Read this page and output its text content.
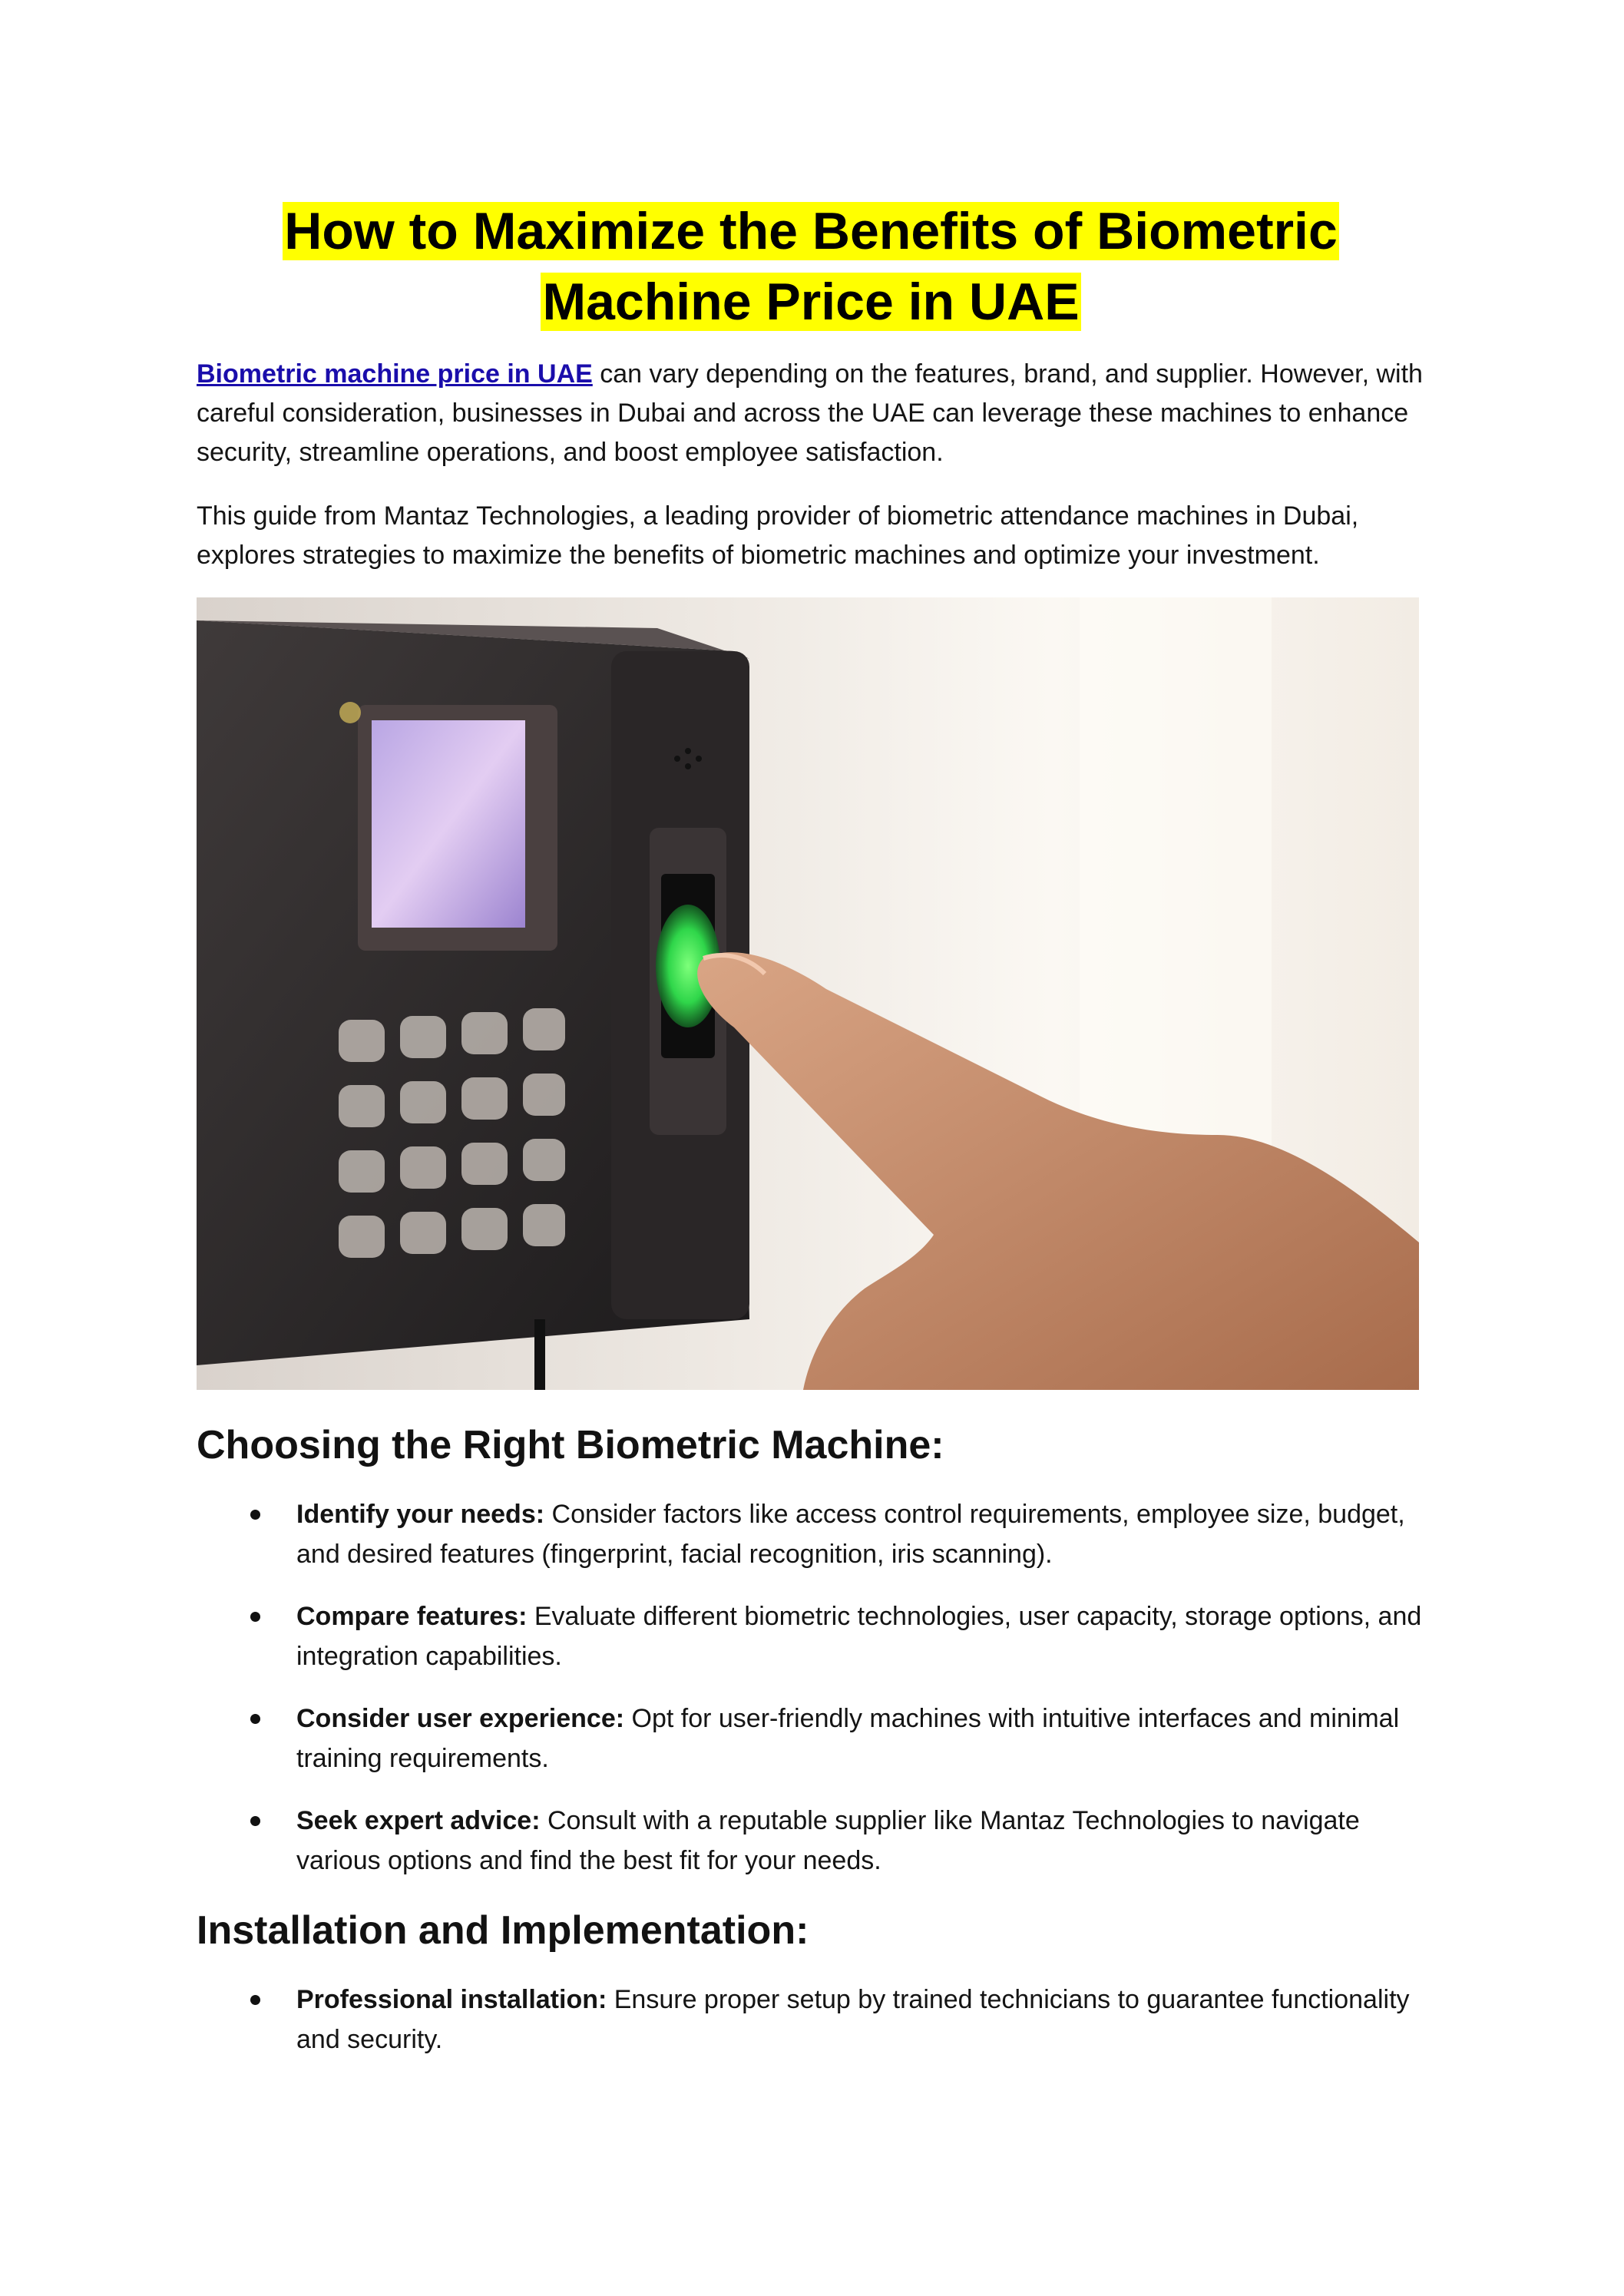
How to Maximize the Benefits of Biometric
Machine Price in UAE

Biometric machine price in UAE can vary depending on the features, brand, and supplier. However, with careful consideration, businesses in Dubai and across the UAE can leverage these machines to enhance security, streamline operations, and boost employee satisfaction.

This guide from Mantaz Technologies, a leading provider of biometric attendance machines in Dubai, explores strategies to maximize the benefits of biometric machines and optimize your investment.

Choosing the Right Biometric Machine:
Identify your needs: Consider factors like access control requirements, employee size, budget, and desired features (fingerprint, facial recognition, iris scanning).
Compare features: Evaluate different biometric technologies, user capacity, storage options, and integration capabilities.
Consider user experience: Opt for user-friendly machines with intuitive interfaces and minimal training requirements.
Seek expert advice: Consult with a reputable supplier like Mantaz Technologies to navigate various options and find the best fit for your needs.
Installation and Implementation:
Professional installation: Ensure proper setup by trained technicians to guarantee functionality and security.
